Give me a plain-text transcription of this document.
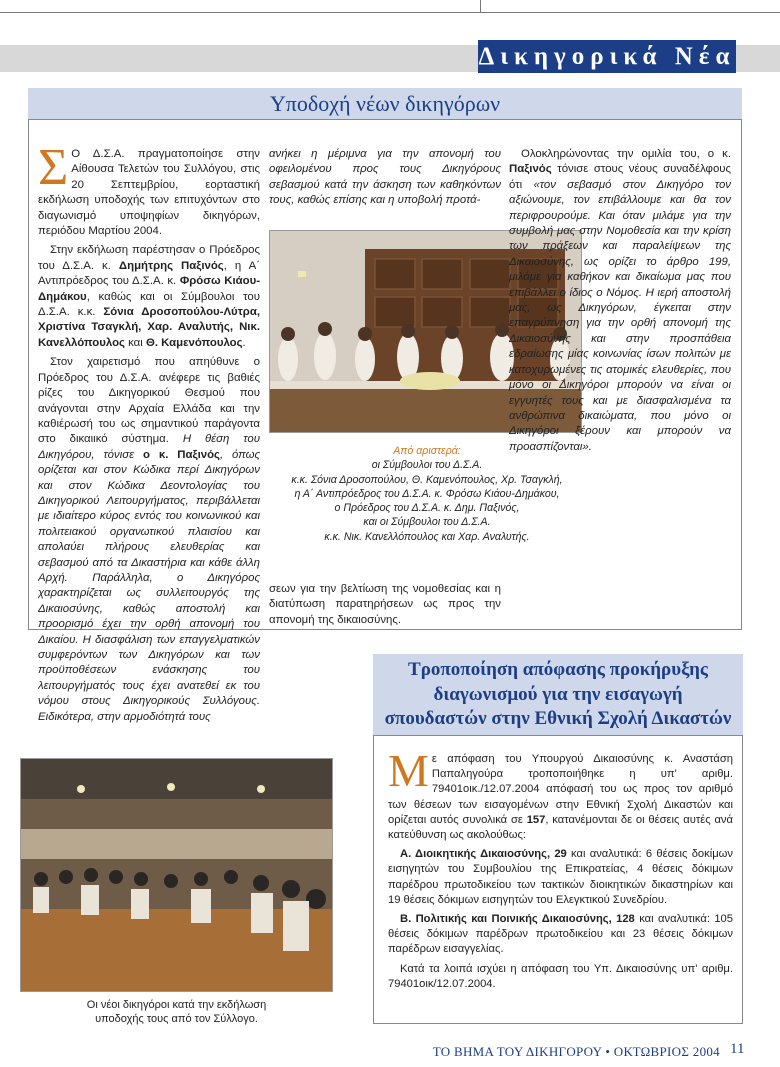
Δικηγορικά Νέα
Υποδοχή νέων δικηγόρων

Σ Ο Δ.Σ.Α. πραγματοποίησε στην Αίθουσα Τελετών του Συλλόγου, στις 20 Σεπτεμβρίου, εορταστική εκδήλωση υποδοχής των επιτυχόντων στο διαγωνισμό υποψηφίων δικηγόρων, περιόδου Μαρτίου 2004.

Στην εκδήλωση παρέστησαν ο Πρόεδρος του Δ.Σ.Α. κ. Δημήτρης Παξινός, η Α΄ Αντιπρόεδρος του Δ.Σ.Α. κ. Φρόσω Κιάου-Δημάκου, καθώς και οι Σύμβουλοι του Δ.Σ.Α. κ.κ. Σόνια Δροσοπούλου-Λύτρα, Χριστίνα Τσαγκλή, Χαρ. Αναλυτής, Νικ. Κανελλόπουλος και Θ. Καμενόπουλος.

Στον χαιρετισμό που απηύθυνε ο Πρόεδρος του Δ.Σ.Α. ανέφερε τις βαθιές ρίζες του Δικηγορικού Θεσμού που ανάγονται στην Αρχαία Ελλάδα και την καθιέρωσή του ως σημαντικού παράγοντα στο δικαιικό σύστημα. Η θέση του Δικηγόρου, τόνισε ο κ. Παξινός, όπως ορίζεται και στον Κώδικα περί Δικηγόρων και στον Κώδικα Δεοντολογίας του Δικηγορικού Λειτουργήματος, περιβάλλεται με ιδιαίτερο κύρος εντός του κοινωνικού και πολιτειακού οργανωτικού πλαισίου και απολαύει πλήρους ελευθερίας και σεβασμού από τα Δικαστήρια και κάθε άλλη Αρχή. Παράλληλα, ο Δικηγόρος χαρακτηρίζεται ως συλλειτουργός της Δικαιοσύνης, καθώς αποστολή και προορισμό έχει την ορθή απονομή του Δικαίου. Η διασφάλιση των επαγγελματικών συμφερόντων των Δικηγόρων και των προϋποθέσεων ενάσκησης του λειτουργήματός τους έχει ανατεθεί εκ του νόμου στους Δικηγορικούς Συλλόγους. Ειδικότερα, στην αρμοδιότητά τους

ανήκει η μέριμνα για την απονομή του οφειλομένου προς τους Δικηγόρους σεβασμού κατά την άσκηση των καθηκόντων τους, καθώς επίσης και η υποβολή προτά-

Από αριστερά:
οι Σύμβουλοι του Δ.Σ.Α.
κ.κ. Σόνια Δροσοπούλου, Θ. Καμενόπουλος, Χρ. Τσαγκλή,
η Α΄ Αντιπρόεδρος του Δ.Σ.Α. κ. Φρόσω Κιάου-Δημάκου,
ο Πρόεδρος του Δ.Σ.Α. κ. Δημ. Παξινός,
και οι Σύμβουλοι του Δ.Σ.Α.
κ.κ. Νικ. Κανελλόπουλος και Χαρ. Αναλυτής.

σεων για την βελτίωση της νομοθεσίας και η διατύπωση παρατηρήσεων ως προς την απονομή της δικαιοσύνης.

Ολοκληρώνοντας την ομιλία του, ο κ. Παξινός τόνισε στους νέους συναδέλφους ότι «τον σεβασμό στον Δικηγόρο τον αξιώνουμε, τον επιβάλλουμε και θα τον περιφρουρούμε. Και όταν μιλάμε για την συμβολή μας στην Νομοθεσία και την κρίση των πράξεων και παραλείψεων της Δικαιοσύνης, ως ορίζει το άρθρο 199, μιλάμε για καθήκον και δικαίωμα μας που επιβάλλει ο ίδιος ο Νόμος. Η ιερή αποστολή μας, ως Δικηγόρων, έγκειται στην επαγρύπνηση για την ορθή απονομή της Δικαιοσύνης και στην προσπάθεια εδραίωσης μίας κοινωνίας ίσων πολιτών με κατοχυρωμένες τις ατομικές ελευθερίες, που μόνο οι Δικηγόροι μπορούν να είναι οι εγγυητές τους και με διασφαλισμένα τα ανθρώπινα δικαιώματα, που μόνο οι Δικηγόροι ξέρουν και μπορούν να προασπίζονται».

Οι νέοι δικηγόροι κατά την εκδήλωση
υποδοχής τους από τον Σύλλογο.
Τροποποίηση απόφασης προκήρυξης
διαγωνισμού για την εισαγωγή
σπουδαστών στην Εθνική Σχολή Δικαστών

Με απόφαση του Υπουργού Δικαιοσύνης κ. Αναστάση Παπαληγούρα τροποποιήθηκε η υπ' αριθμ. 79401οικ./12.07.2004 απόφασή του ως προς τον αριθμό των θέσεων των εισαγομένων στην Εθνική Σχολή Δικαστών και ορίζεται αυτός συνολικά σε 157, κατανέμονται δε οι θέσεις αυτές ανά κατεύθυνση ως ακολούθως:

Α. Διοικητικής Δικαιοσύνης, 29 και αναλυτικά: 6 θέσεις δοκίμων εισηγητών του Συμβουλίου της Επικρατείας, 4 θέσεις δόκιμων παρέδρου πρωτοδικείου των τακτικών διοικητικών δικαστηρίων και 19 θέσεις δόκιμων εισηγητών του Ελεγκτικού Συνεδρίου.

Β. Πολιτικής και Ποινικής Δικαιοσύνης, 128 και αναλυτικά: 105 θέσεις δόκιμων παρέδρων πρωτοδικείου και 23 θέσεις δόκιμων παρέδρων εισαγγελίας.

Κατά τα λοιπά ισχύει η απόφαση του Υπ. Δικαιοσύνης υπ' αριθμ. 79401οικ/12.07.2004.

ΤΟ ΒΗΜΑ ΤΟΥ ΔΙΚΗΓΟΡΟΥ • ΟΚΤΩΒΡΙΟΣ 2004 11
